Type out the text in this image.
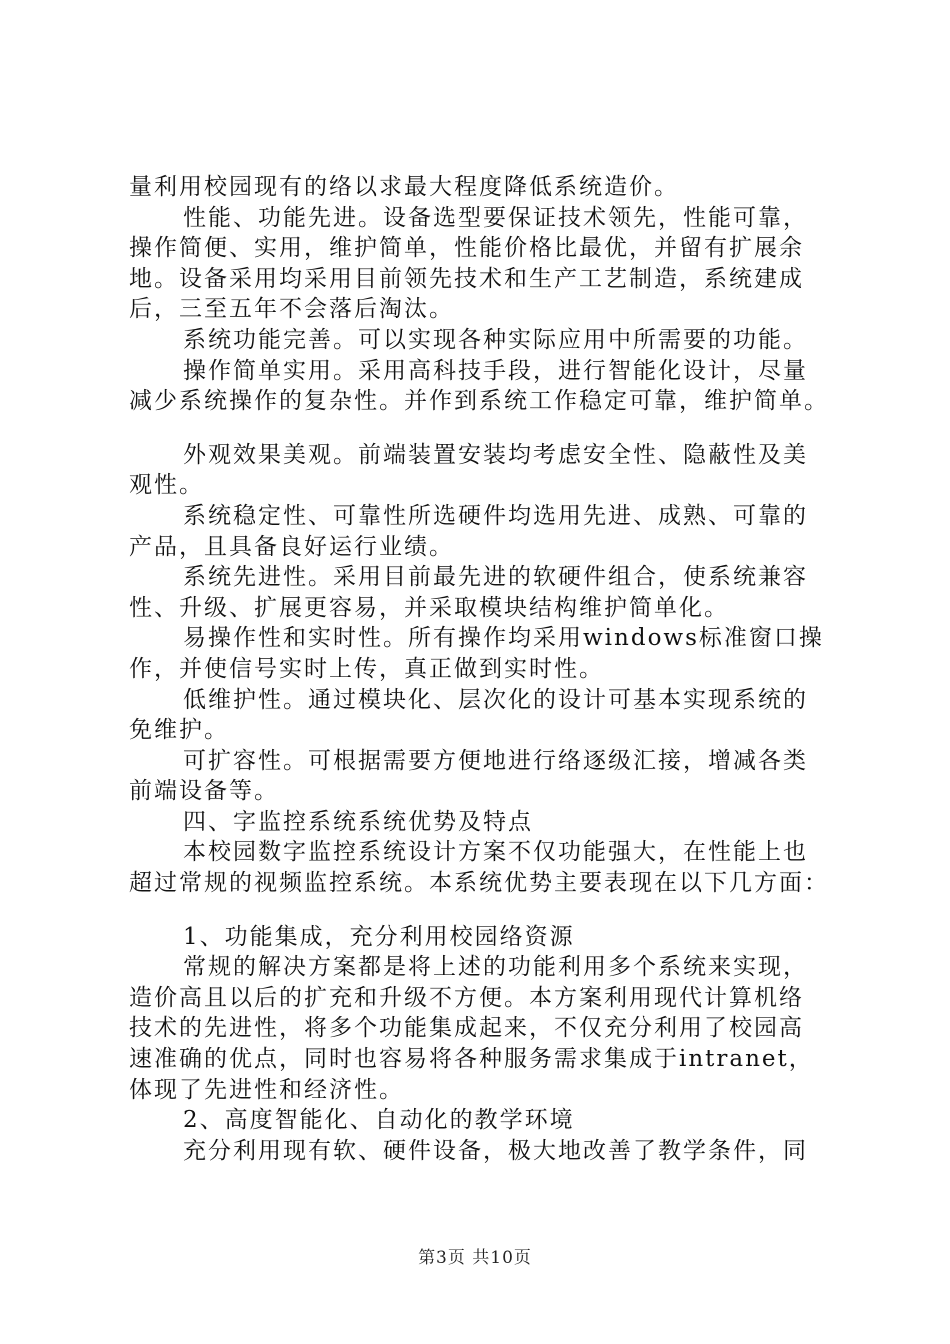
量利用校园现有的络以求最大程度降低系统造价。
性能、功能先进。设备选型要保证技术领先，性能可靠，
操作简便、实用，维护简单，性能价格比最优，并留有扩展余
地。设备采用均采用目前领先技术和生产工艺制造，系统建成
后，三至五年不会落后淘汰。
系统功能完善。可以实现各种实际应用中所需要的功能。
操作简单实用。采用高科技手段，进行智能化设计，尽量
减少系统操作的复杂性。并作到系统工作稳定可靠，维护简单。
外观效果美观。前端装置安装均考虑安全性、隐蔽性及美
观性。
系统稳定性、可靠性所选硬件均选用先进、成熟、可靠的
产品，且具备良好运行业绩。
系统先进性。采用目前最先进的软硬件组合，使系统兼容
性、升级、扩展更容易，并采取模块结构维护简单化。
易操作性和实时性。所有操作均采用windows标准窗口操
作，并使信号实时上传，真正做到实时性。
低维护性。通过模块化、层次化的设计可基本实现系统的
免维护。
可扩容性。可根据需要方便地进行络逐级汇接，增减各类
前端设备等。
四、字监控系统系统优势及特点
本校园数字监控系统设计方案不仅功能强大，在性能上也
超过常规的视频监控系统。本系统优势主要表现在以下几方面：
1、功能集成，充分利用校园络资源
常规的解决方案都是将上述的功能利用多个系统来实现，
造价高且以后的扩充和升级不方便。本方案利用现代计算机络
技术的先进性，将多个功能集成起来，不仅充分利用了校园高
速准确的优点，同时也容易将各种服务需求集成于intranet，
体现了先进性和经济性。
2、高度智能化、自动化的教学环境
充分利用现有软、硬件设备，极大地改善了教学条件，同
第3页 共10页
